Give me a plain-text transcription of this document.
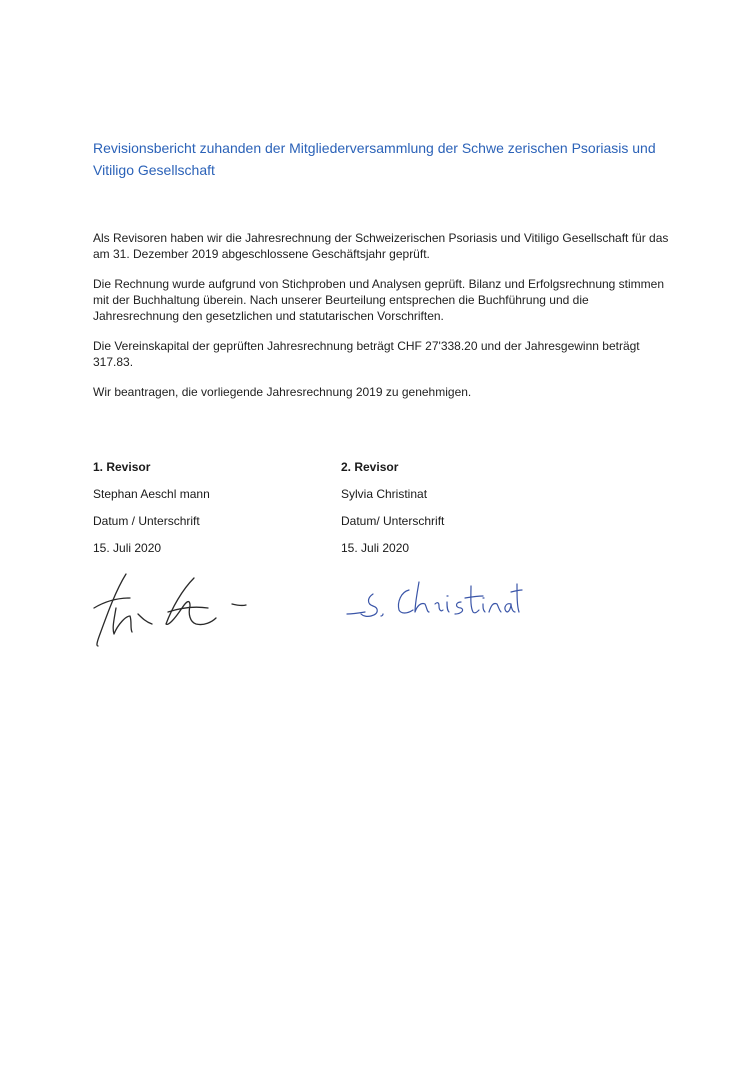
Revisionsbericht zuhanden der Mitgliederversammlung der Schwe zerischen Psoriasis und Vitiligo Gesellschaft
Als Revisoren haben wir die Jahresrechnung der Schweizerischen Psoriasis und Vitiligo Gesellschaft für das am 31. Dezember 2019 abgeschlossene Geschäftsjahr geprüft.
Die Rechnung wurde aufgrund von Stichproben und Analysen geprüft. Bilanz und Erfolgsrechnung stimmen mit der Buchhaltung überein. Nach unserer Beurteilung entsprechen die Buchführung und die Jahresrechnung den gesetzlichen und statutarischen Vorschriften.
Die Vereinskapital der geprüften Jahresrechnung beträgt CHF 27'338.20 und der Jahresgewinn beträgt 317.83.
Wir beantragen, die vorliegende Jahresrechnung 2019 zu genehmigen.
1. Revisor
Stephan Aeschl mann
Datum / Unterschrift
15. Juli 2020
2. Revisor
Sylvia Christinat
Datum/ Unterschrift
15. Juli 2020
